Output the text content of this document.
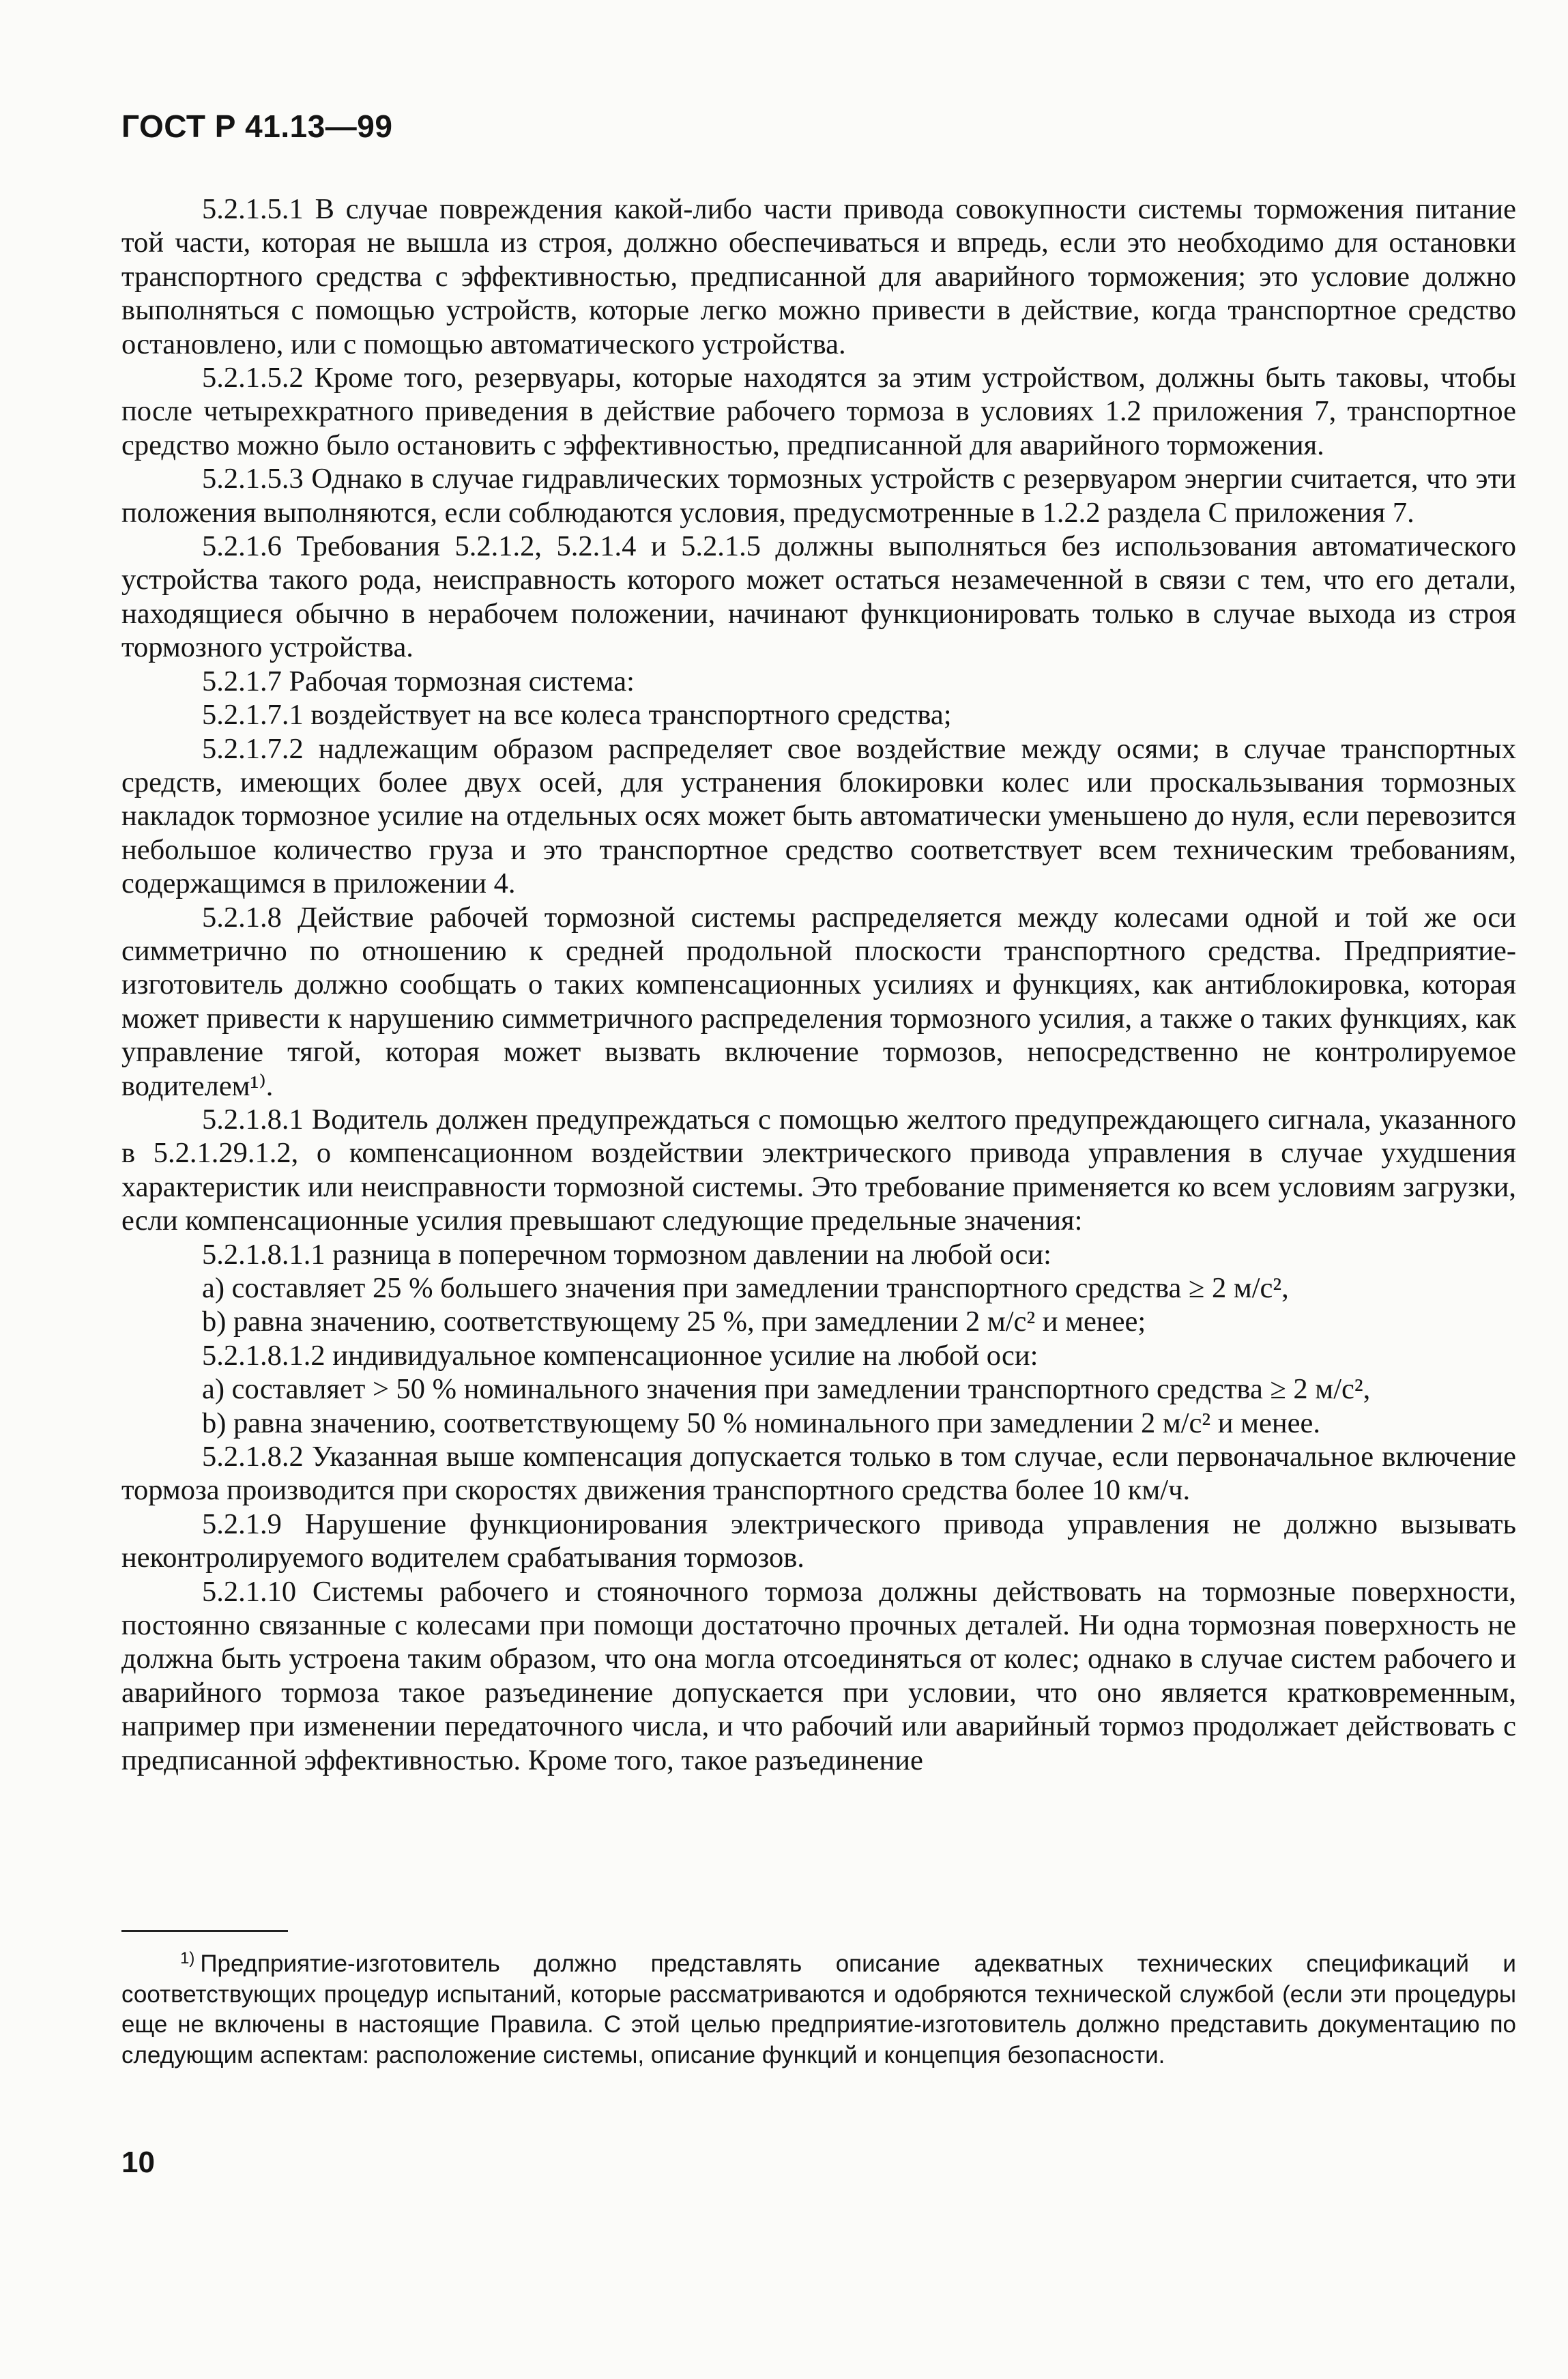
ГОСТ Р 41.13—99

5.2.1.5.1 В случае повреждения какой-либо части привода совокупности системы торможения питание той части, которая не вышла из строя, должно обеспечиваться и впредь, если это необходимо для остановки транспортного средства с эффективностью, предписанной для аварийного торможения; это условие должно выполняться с помощью устройств, которые легко можно привести в действие, когда транспортное средство остановлено, или с помощью автоматического устройства.

5.2.1.5.2 Кроме того, резервуары, которые находятся за этим устройством, должны быть таковы, чтобы после четырехкратного приведения в действие рабочего тормоза в условиях 1.2 приложения 7, транспортное средство можно было остановить с эффективностью, предписанной для аварийного торможения.

5.2.1.5.3 Однако в случае гидравлических тормозных устройств с резервуаром энергии считается, что эти положения выполняются, если соблюдаются условия, предусмотренные в 1.2.2 раздела С приложения 7.

5.2.1.6 Требования 5.2.1.2, 5.2.1.4 и 5.2.1.5 должны выполняться без использования автоматического устройства такого рода, неисправность которого может остаться незамеченной в связи с тем, что его детали, находящиеся обычно в нерабочем положении, начинают функционировать только в случае выхода из строя тормозного устройства.

5.2.1.7 Рабочая тормозная система:

5.2.1.7.1 воздействует на все колеса транспортного средства;

5.2.1.7.2 надлежащим образом распределяет свое воздействие между осями; в случае транспортных средств, имеющих более двух осей, для устранения блокировки колес или проскальзывания тормозных накладок тормозное усилие на отдельных осях может быть автоматически уменьшено до нуля, если перевозится небольшое количество груза и это транспортное средство соответствует всем техническим требованиям, содержащимся в приложении 4.

5.2.1.8 Действие рабочей тормозной системы распределяется между колесами одной и той же оси симметрично по отношению к средней продольной плоскости транспортного средства. Предприятие-изготовитель должно сообщать о таких компенсационных усилиях и функциях, как антиблокировка, которая может привести к нарушению симметричного распределения тормозного усилия, а также о таких функциях, как управление тягой, которая может вызвать включение тормозов, непосредственно не контролируемое водителем¹⁾.

5.2.1.8.1 Водитель должен предупреждаться с помощью желтого предупреждающего сигнала, указанного в 5.2.1.29.1.2, о компенсационном воздействии электрического привода управления в случае ухудшения характеристик или неисправности тормозной системы. Это требование применяется ко всем условиям загрузки, если компенсационные усилия превышают следующие предельные значения:

5.2.1.8.1.1 разница в поперечном тормозном давлении на любой оси:

a) составляет 25 % большего значения при замедлении транспортного средства ≥ 2 м/с²,

b) равна значению, соответствующему 25 %, при замедлении 2 м/с² и менее;

5.2.1.8.1.2 индивидуальное компенсационное усилие на любой оси:

a) составляет > 50 % номинального значения при замедлении транспортного средства ≥ 2 м/с²,

b) равна значению, соответствующему 50 % номинального при замедлении 2 м/с² и менее.

5.2.1.8.2 Указанная выше компенсация допускается только в том случае, если первоначальное включение тормоза производится при скоростях движения транспортного средства более 10 км/ч.

5.2.1.9 Нарушение функционирования электрического привода управления не должно вызывать неконтролируемого водителем срабатывания тормозов.

5.2.1.10 Системы рабочего и стояночного тормоза должны действовать на тормозные поверхности, постоянно связанные с колесами при помощи достаточно прочных деталей. Ни одна тормозная поверхность не должна быть устроена таким образом, что она могла отсоединяться от колес; однако в случае систем рабочего и аварийного тормоза такое разъединение допускается при условии, что оно является кратковременным, например при изменении передаточного числа, и что рабочий или аварийный тормоз продолжает действовать с предписанной эффективностью. Кроме того, такое разъединение

$^{1)}$ Предприятие-изготовитель должно представлять описание адекватных технических спецификаций и соответствующих процедур испытаний, которые рассматриваются и одобряются технической службой (если эти процедуры еще не включены в настоящие Правила. С этой целью предприятие-изготовитель должно представить документацию по следующим аспектам: расположение системы, описание функций и концепция безопасности.

10
